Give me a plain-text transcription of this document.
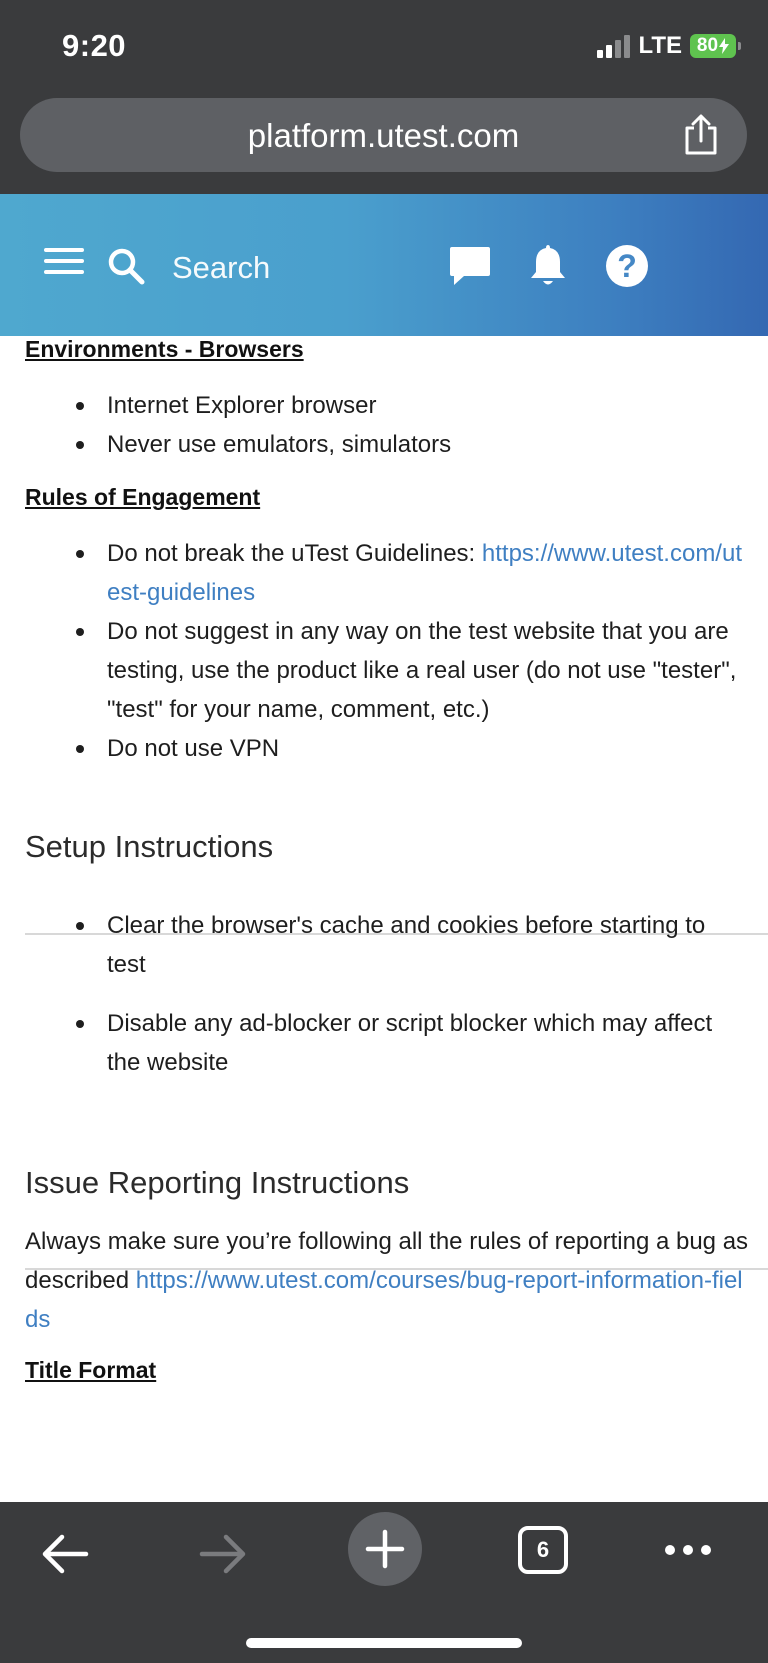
9:20	LTE 80
platform.utest.com
Search	?
Environments - Browsers
Internet Explorer browser
Never use emulators, simulators
Rules of Engagement
Do not break the uTest Guidelines: https://www.utest.com/utest-guidelines
Do not suggest in any way on the test website that you are testing, use the product like a real user (do not use "tester", "test" for your name, comment, etc.)
Do not use VPN
Setup Instructions
Clear the browser's cache and cookies before starting to test
Disable any ad-blocker or script blocker which may affect the website
Issue Reporting Instructions

Always make sure you’re following all the rules of reporting a bug as described https://www.utest.com/courses/bug-report-information-fields

Title Format
6
